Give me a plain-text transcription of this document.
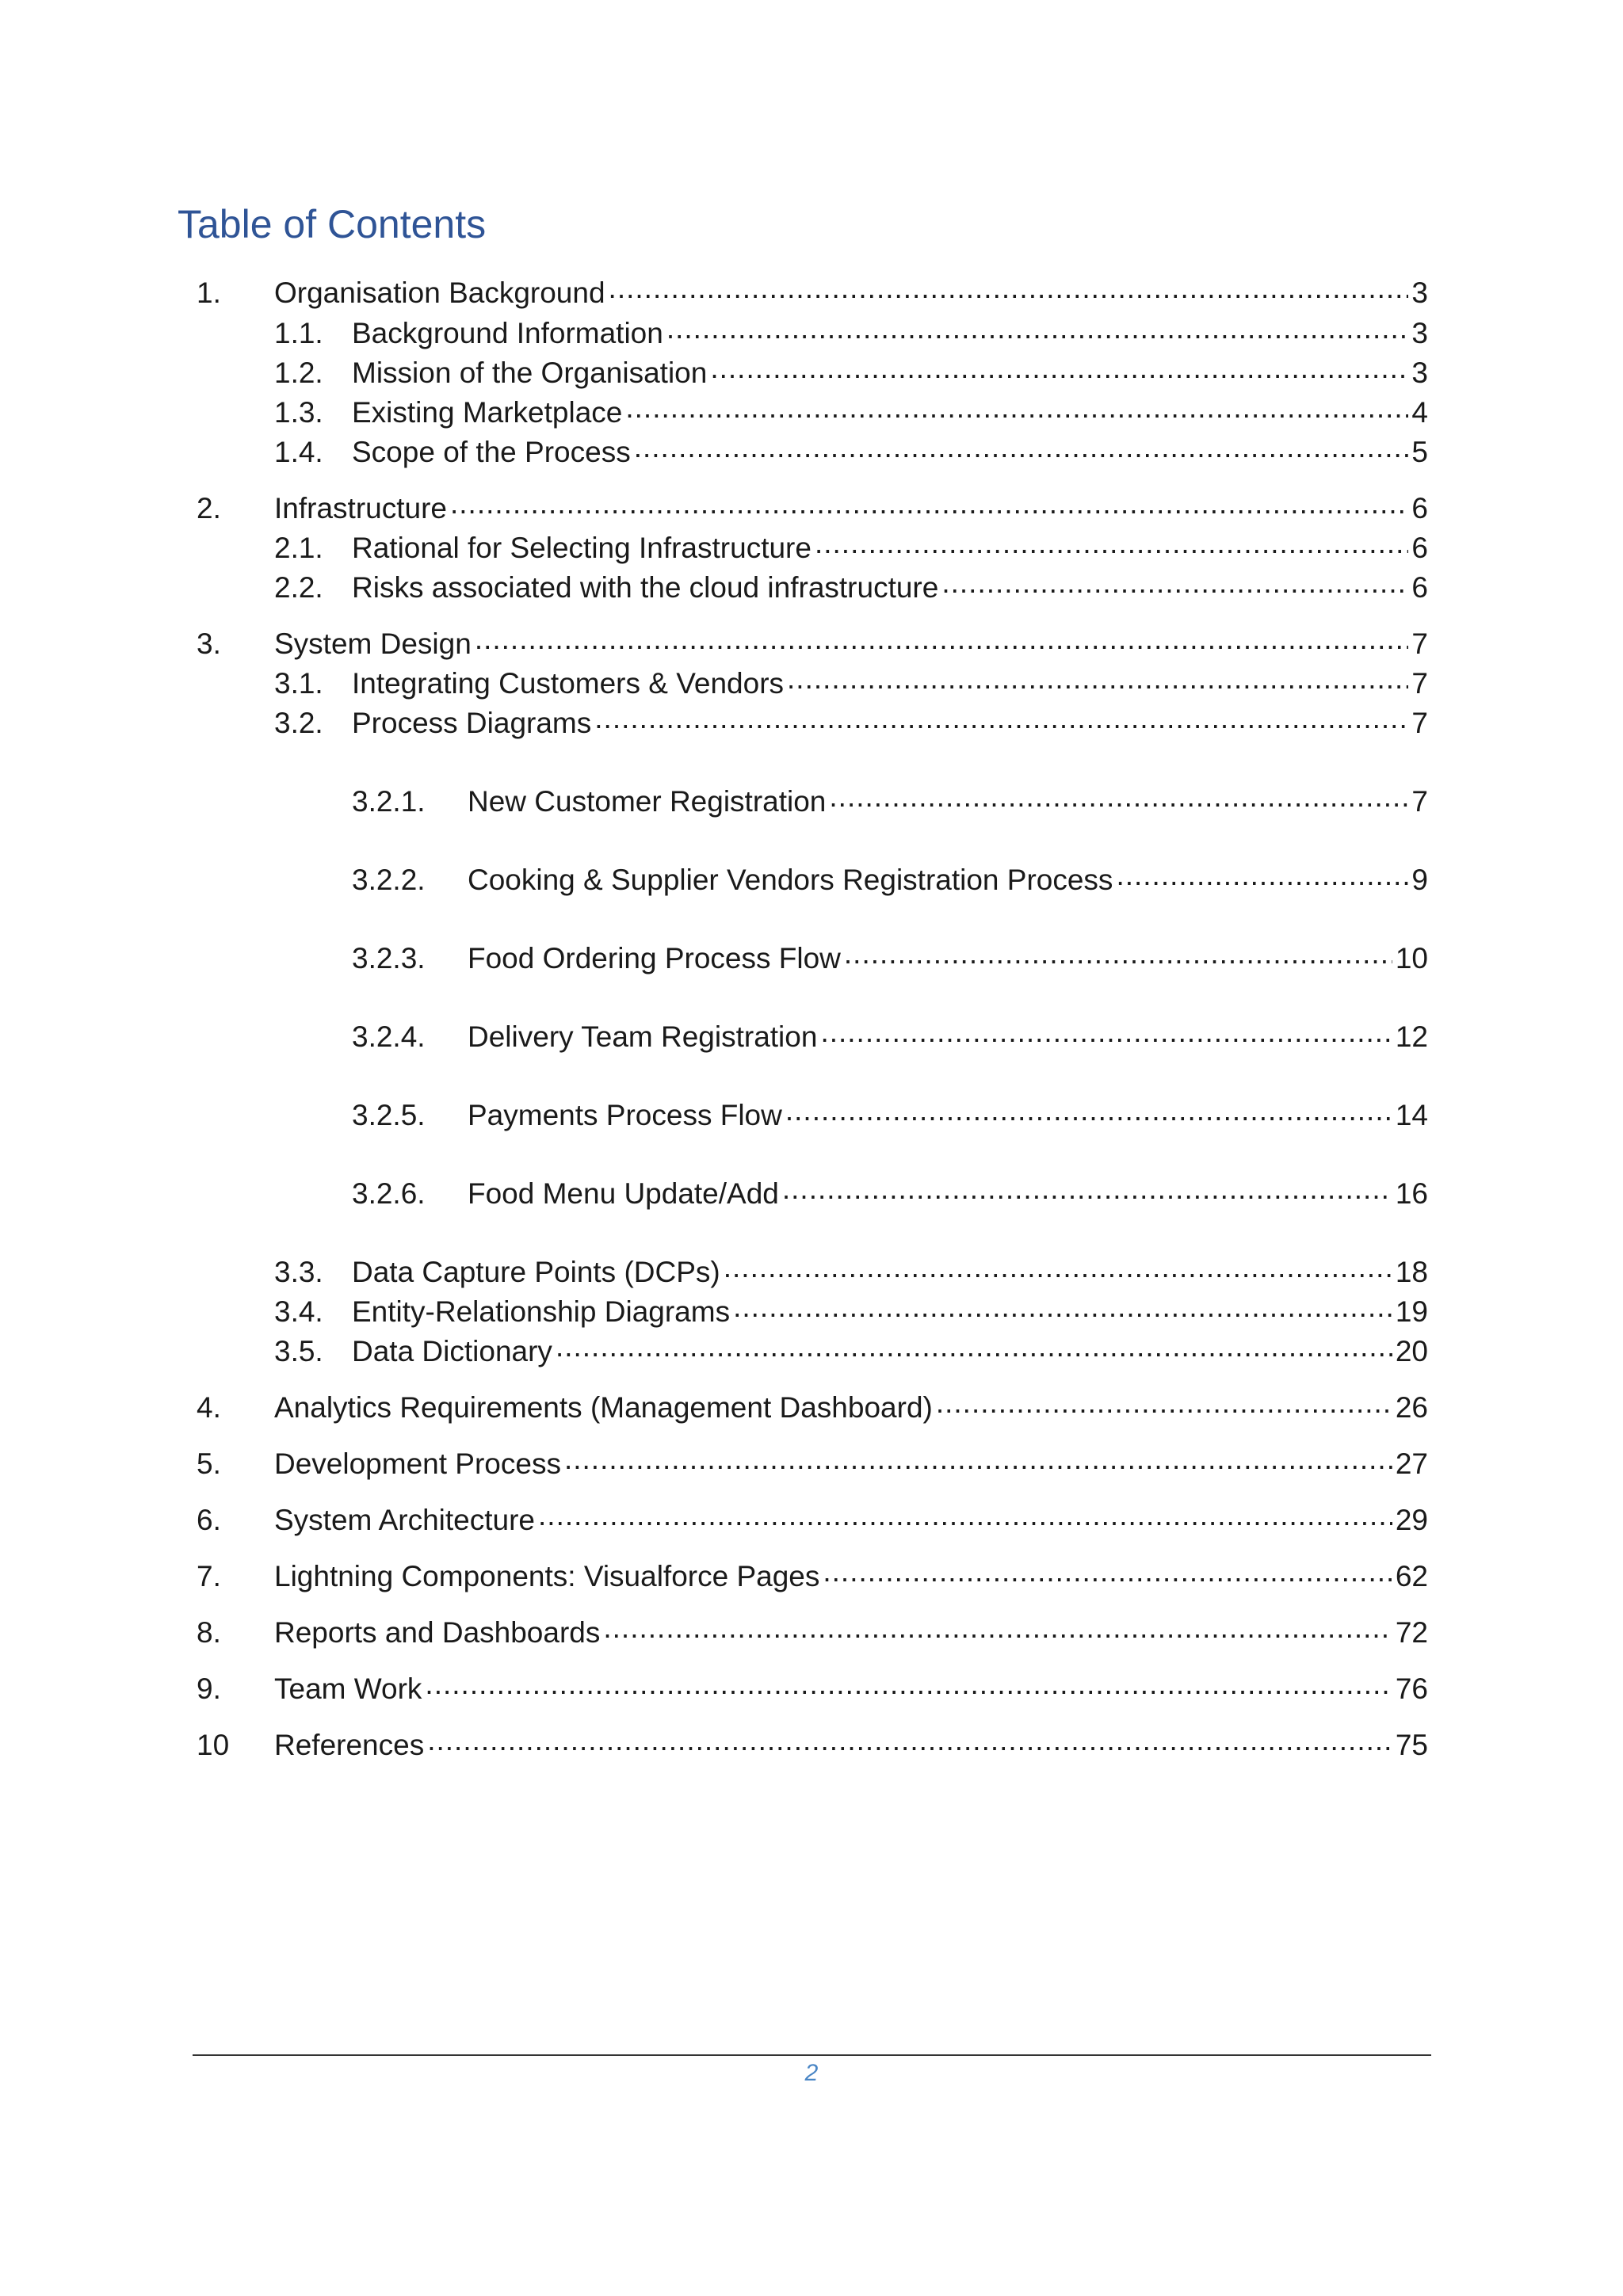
Table of Contents
1.	Organisation Background .....	3
1.1. Background Information .....	3
1.2. Mission of the Organisation .....	3
1.3. Existing Marketplace .....	4
1.4. Scope of the Process .....	5
2.	Infrastructure .....	6
2.1. Rational for Selecting Infrastructure .....	6
2.2. Risks associated with the cloud infrastructure .....	6
3.	System Design .....	7
3.1. Integrating Customers & Vendors .....	7
3.2. Process Diagrams .....	7
3.2.1.	New Customer Registration .....	7
3.2.2.	Cooking & Supplier Vendors Registration Process .....	9
3.2.3.	Food Ordering Process Flow .....	10
3.2.4.	Delivery Team Registration .....	12
3.2.5.	Payments Process Flow .....	14
3.2.6.	Food Menu Update/Add .....	16
3.3. Data Capture Points (DCPs) .....	18
3.4. Entity-Relationship Diagrams .....	19
3.5. Data Dictionary .....	20
4.	Analytics Requirements (Management Dashboard) .....	26
5.	Development Process .....	27
6.	System Architecture .....	29
7.	Lightning Components: Visualforce Pages .....	62
8.	Reports and Dashboards .....	72
9.	Team Work .....	76
10	References .....	75
2
